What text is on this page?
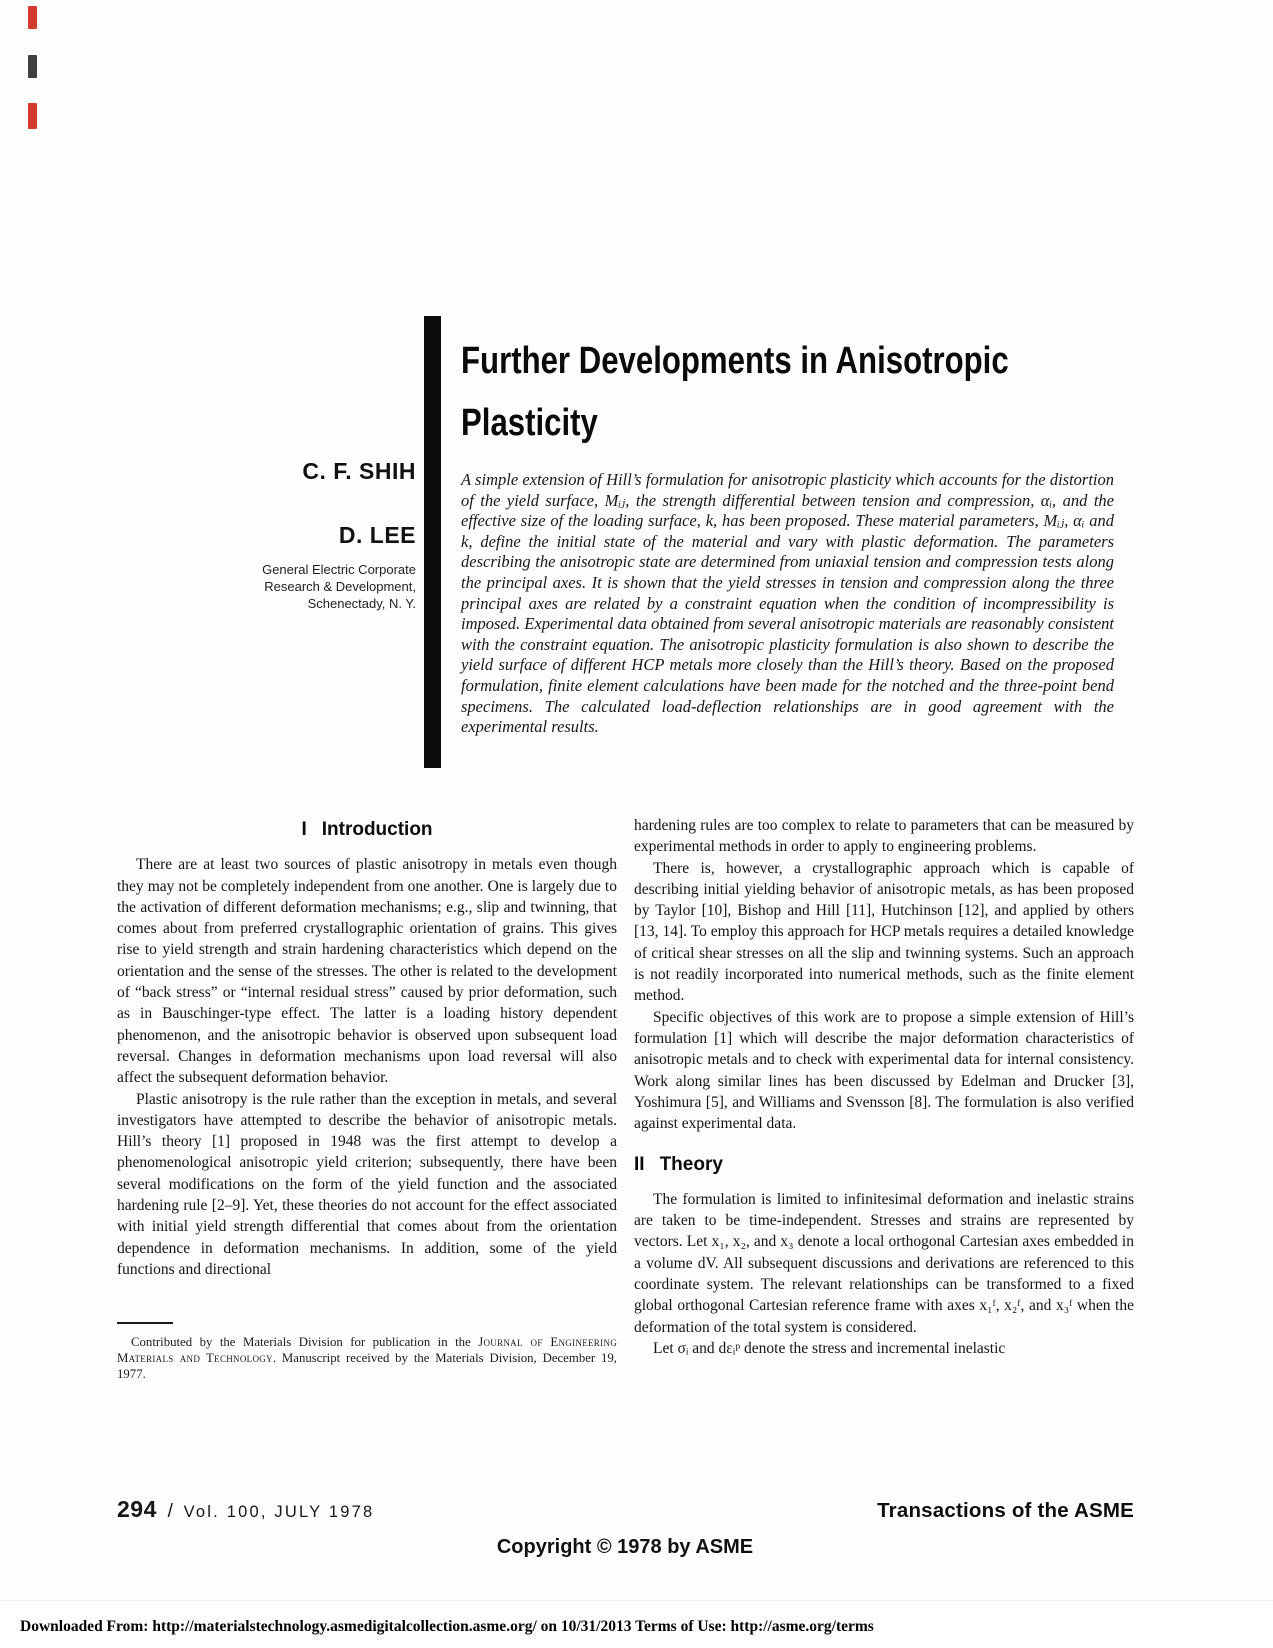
Further Developments in Anisotropic
Plasticity
C. F. SHIH
D. LEE
General Electric Corporate
Research & Development,
Schenectady, N. Y.
A simple extension of Hill’s formulation for anisotropic plasticity which accounts for the distortion of the yield surface, Mᵢⱼ, the strength differential between tension and compression, αᵢ, and the effective size of the loading surface, k, has been proposed. These material parameters, Mᵢⱼ, αᵢ and k, define the initial state of the material and vary with plastic deformation. The parameters describing the anisotropic state are determined from uniaxial tension and compression tests along the principal axes. It is shown that the yield stresses in tension and compression along the three principal axes are related by a constraint equation when the condition of incompressibility is imposed. Experimental data obtained from several anisotropic materials are reasonably consistent with the constraint equation. The anisotropic plasticity formulation is also shown to describe the yield surface of different HCP metals more closely than the Hill’s theory. Based on the proposed formulation, finite element calculations have been made for the notched and the three-point bend specimens. The calculated load-deflection relationships are in good agreement with the experimental results.
I Introduction

There are at least two sources of plastic anisotropy in metals even though they may not be completely independent from one another. One is largely due to the activation of different deformation mechanisms; e.g., slip and twinning, that comes about from preferred crystallographic orientation of grains. This gives rise to yield strength and strain hardening characteristics which depend on the orientation and the sense of the stresses. The other is related to the development of “back stress” or “internal residual stress” caused by prior deformation, such as in Bauschinger-type effect. The latter is a loading history dependent phenomenon, and the anisotropic behavior is observed upon subsequent load reversal. Changes in deformation mechanisms upon load reversal will also affect the subsequent deformation behavior.

Plastic anisotropy is the rule rather than the exception in metals, and several investigators have attempted to describe the behavior of anisotropic metals. Hill’s theory [1] proposed in 1948 was the first attempt to develop a phenomenological anisotropic yield criterion; subsequently, there have been several modifications on the form of the yield function and the associated hardening rule [2–9]. Yet, these theories do not account for the effect associated with initial yield strength differential that comes about from the orientation dependence in deformation mechanisms. In addition, some of the yield functions and directional

Contributed by the Materials Division for publication in the Journal of Engineering Materials and Technology. Manuscript received by the Materials Division, December 19, 1977.

hardening rules are too complex to relate to parameters that can be measured by experimental methods in order to apply to engineering problems.

There is, however, a crystallographic approach which is capable of describing initial yielding behavior of anisotropic metals, as has been proposed by Taylor [10], Bishop and Hill [11], Hutchinson [12], and applied by others [13, 14]. To employ this approach for HCP metals requires a detailed knowledge of critical shear stresses on all the slip and twinning systems. Such an approach is not readily incorporated into numerical methods, such as the finite element method.

Specific objectives of this work are to propose a simple extension of Hill’s formulation [1] which will describe the major deformation characteristics of anisotropic metals and to check with experimental data for internal consistency. Work along similar lines has been discussed by Edelman and Drucker [3], Yoshimura [5], and Williams and Svensson [8]. The formulation is also verified against experimental data.

II Theory

The formulation is limited to infinitesimal deformation and inelastic strains are taken to be time-independent. Stresses and strains are represented by vectors. Let x₁, x₂, and x₃ denote a local orthogonal Cartesian axes embedded in a volume dV. All subsequent discussions and derivations are referenced to this coordinate system. The relevant relationships can be transformed to a fixed global orthogonal Cartesian reference frame with axes x₁ᶠ, x₂ᶠ, and x₃ᶠ when the deformation of the total system is considered.

Let σᵢ and dεᵢᵖ denote the stress and incremental inelastic

294 / Vol. 100, JULY 1978	Transactions of the ASME
Copyright © 1978 by ASME
Downloaded From: http://materialstechnology.asmedigitalcollection.asme.org/ on 10/31/2013 Terms of Use: http://asme.org/terms
